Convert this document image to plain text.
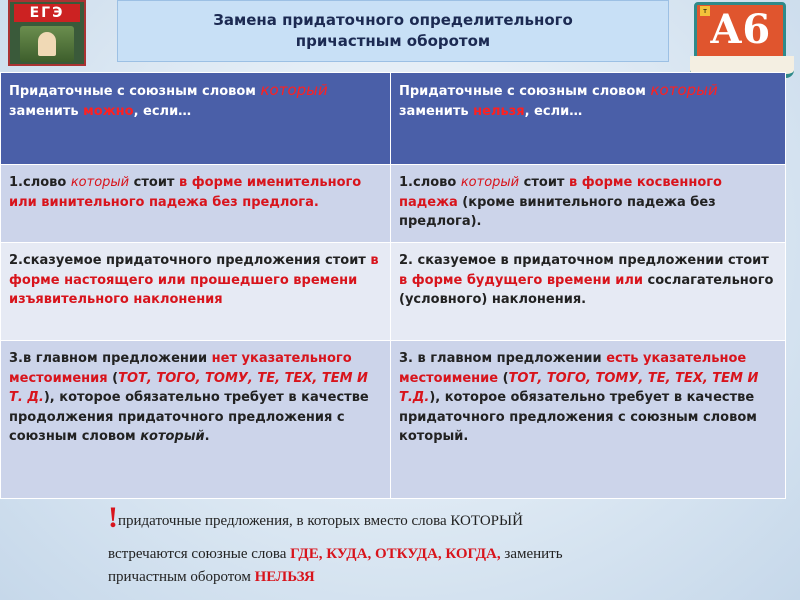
ЕГЭ	Замена придаточного определительного
причастным оборотом
т А6
Придаточные с союзным словом который заменить можно, если…	Придаточные с союзным словом который заменить нельзя, если…
1.слово который стоит в форме именительного или винительного падежа без предлога.	1.слово который стоит в форме косвенного падежа (кроме винительного падежа без предлога).
2.сказуемое придаточного предложения стоит в форме настоящего или прошедшего времени изъявительного наклонения	2. сказуемое в придаточном предложении стоит в форме будущего времени или сослагательного (условного) наклонения.
3.в главном предложении нет указательного местоимения (ТОТ, ТОГО, ТОМУ, ТЕ, ТЕХ, ТЕМ И Т. Д.), которое обязательно требует в качестве продолжения придаточного предложения с союзным словом который.	3. в главном предложении есть указательное местоимение (ТОТ, ТОГО, ТОМУ, ТЕ, ТЕХ, ТЕМ И Т.Д.), которое обязательно требует в качестве придаточного предложения с союзным словом который.
!придаточные предложения, в которых вместо слова КОТОРЫЙ
встречаются союзные слова ГДЕ, КУДА, ОТКУДА, КОГДА, заменить
причастным оборотом НЕЛЬЗЯ
